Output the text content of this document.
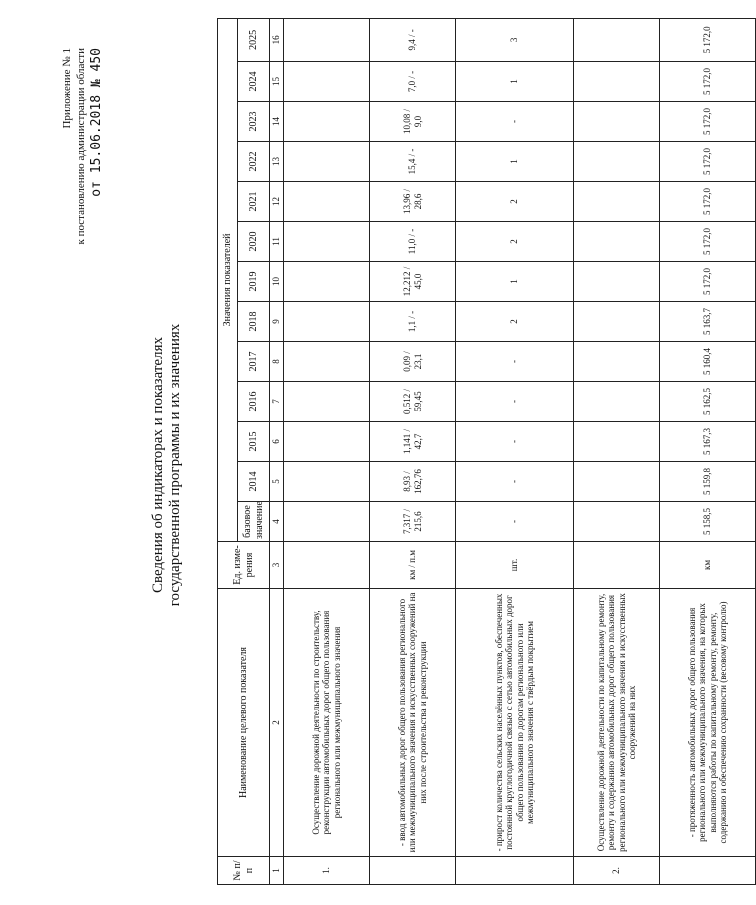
Приложение № 1 к постановлению администрации области от 15.06.2018 № 450
Сведения об индикаторах и показателях государственной программы и их значениях
№ п/п	Наименование целевого показателя	Ед. изме-рения	Значения показателей												
			базовое значение	2014	2015	2016	2017	2018	2019	2020	2021	2022	2023	2024	2025
1	2	3	4	5	6	7	8	9	10	11	12	13	14	15	16
1.	Осуществление дорожной деятельности по строительству, реконструкции автомобильных дорог общего пользования регионального или межмуниципального значения														
	- ввод автомобильных дорог общего пользования регионального или межмуниципального значения и искусственных сооружений на них после строительства и реконструкции	км / п.м	7,317 / 215,6	8,93 / 162,76	1,141 / 42,7	0,512 / 59,45	0,09 / 23,1	1,1 / -	12,212 / 45,0	11,0 / -	13,96 / 28,6	15,4 / -	10,08 / 9,0	7,0 / -	9,4 / -
	- прирост количества сельских населённых пунктов, обеспеченных постоянной круглогодичной связью с сетью автомобильных дорог общего пользования по дорогам регионального или межмуниципального значения с твёрдым покрытием	шт.	-	-	-	-	-	2	1	2	2	1	-	1	3
2.	Осуществление дорожной деятельности по капитальному ремонту, ремонту и содержанию автомобильных дорог общего пользования регионального или межмуниципального значения и искусственных сооружений на них														
	- протяженность автомобильных дорог общего пользования регионального или межмуниципального значения, на которых выполняются работы по капитальному ремонту, ремонту, содержанию и обеспечению сохранности (весовому контролю)	км	5 158,5	5 159,8	5 167,3	5 162,5	5 160,4	5 163,7	5 172,0	5 172,0	5 172,0	5 172,0	5 172,0	5 172,0	5 172,0
